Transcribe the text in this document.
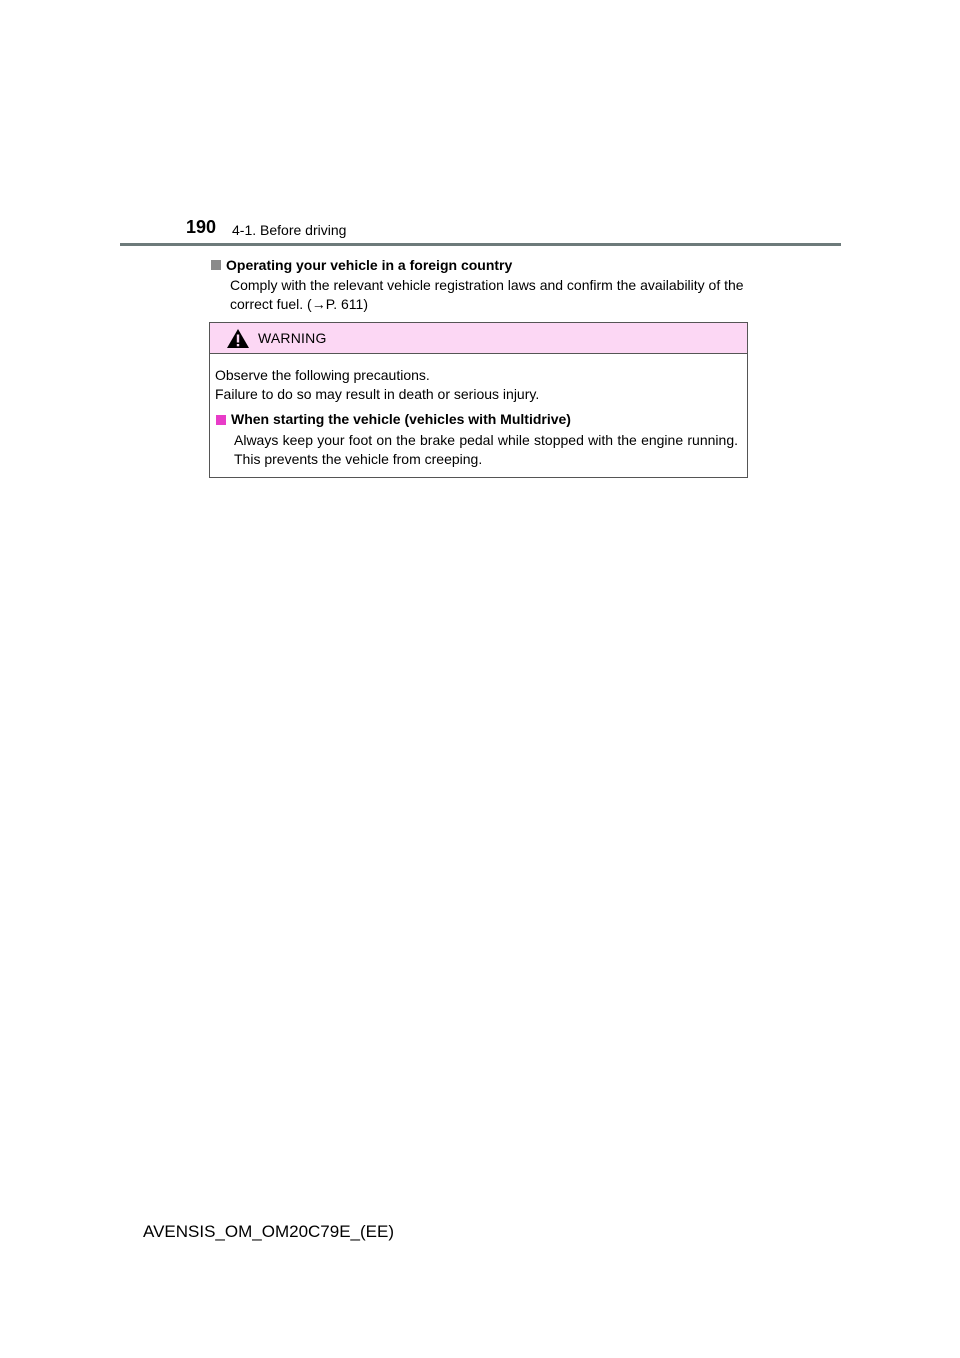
190 4-1. Before driving
Operating your vehicle in a foreign country
Comply with the relevant vehicle registration laws and confirm the availability of the correct fuel. (→P. 611)
WARNING
Observe the following precautions.
Failure to do so may result in death or serious injury.
When starting the vehicle (vehicles with Multidrive)
Always keep your foot on the brake pedal while stopped with the engine running. This prevents the vehicle from creeping.
AVENSIS_OM_OM20C79E_(EE)
